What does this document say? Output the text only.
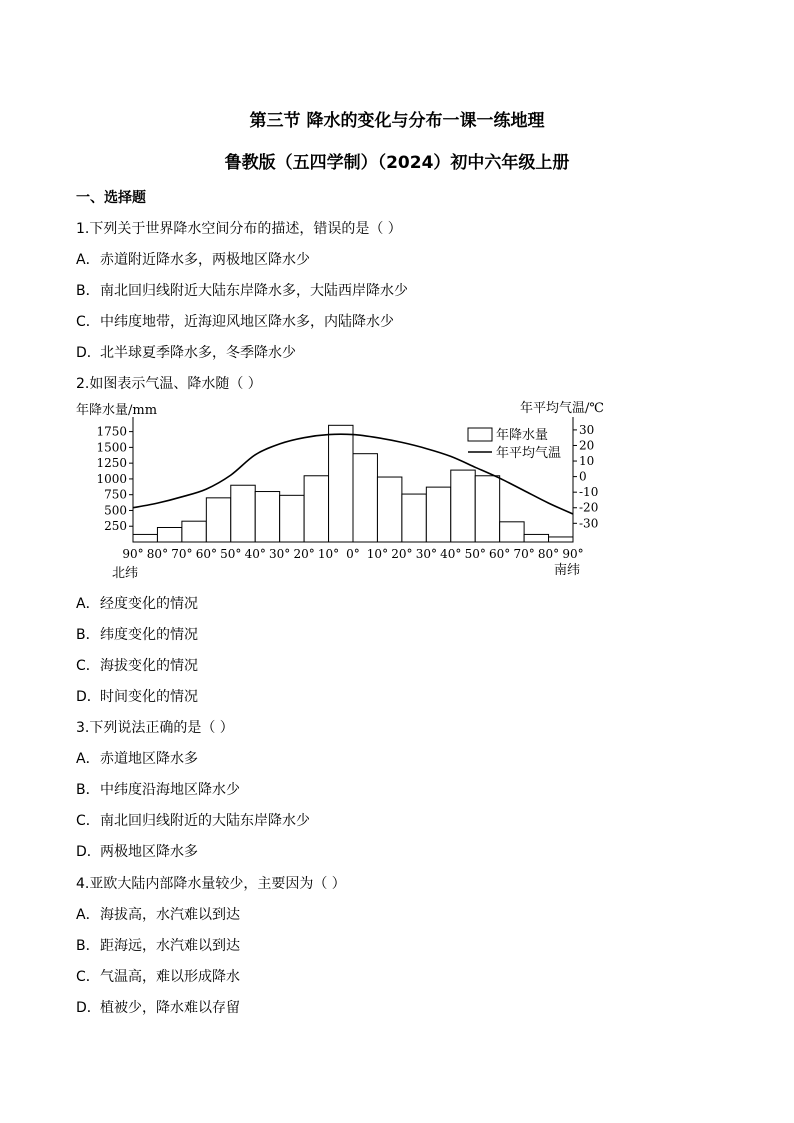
第三节 降水的变化与分布一课一练地理
鲁教版（五四学制）（2024）初中六年级上册
一、选择题
1.下列关于世界降水空间分布的描述，错误的是（ ）
A．赤道附近降水多，两极地区降水少
B．南北回归线附近大陆东岸降水多，大陆西岸降水少
C．中纬度地带，近海迎风地区降水多，内陆降水少
D．北半球夏季降水多，冬季降水少
2.如图表示气温、降水随（ ）
250
500
750
1000
1250
1500
1750
-30
-20
-10
0
10
20
30
90° 80° 70° 60° 50° 40° 30° 20° 10° 0° 10° 20° 30° 40° 50° 60° 70° 80° 90°
年降水量/mm	年平均气温/℃
年降水量
年平均气温
北纬	南纬
A．经度变化的情况
B．纬度变化的情况
C．海拔变化的情况
D．时间变化的情况
3.下列说法正确的是（ ）
A．赤道地区降水多
B．中纬度沿海地区降水少
C．南北回归线附近的大陆东岸降水少
D．两极地区降水多
4.亚欧大陆内部降水量较少，主要因为（ ）
A．海拔高，水汽难以到达
B．距海远，水汽难以到达
C．气温高，难以形成降水
D．植被少，降水难以存留
